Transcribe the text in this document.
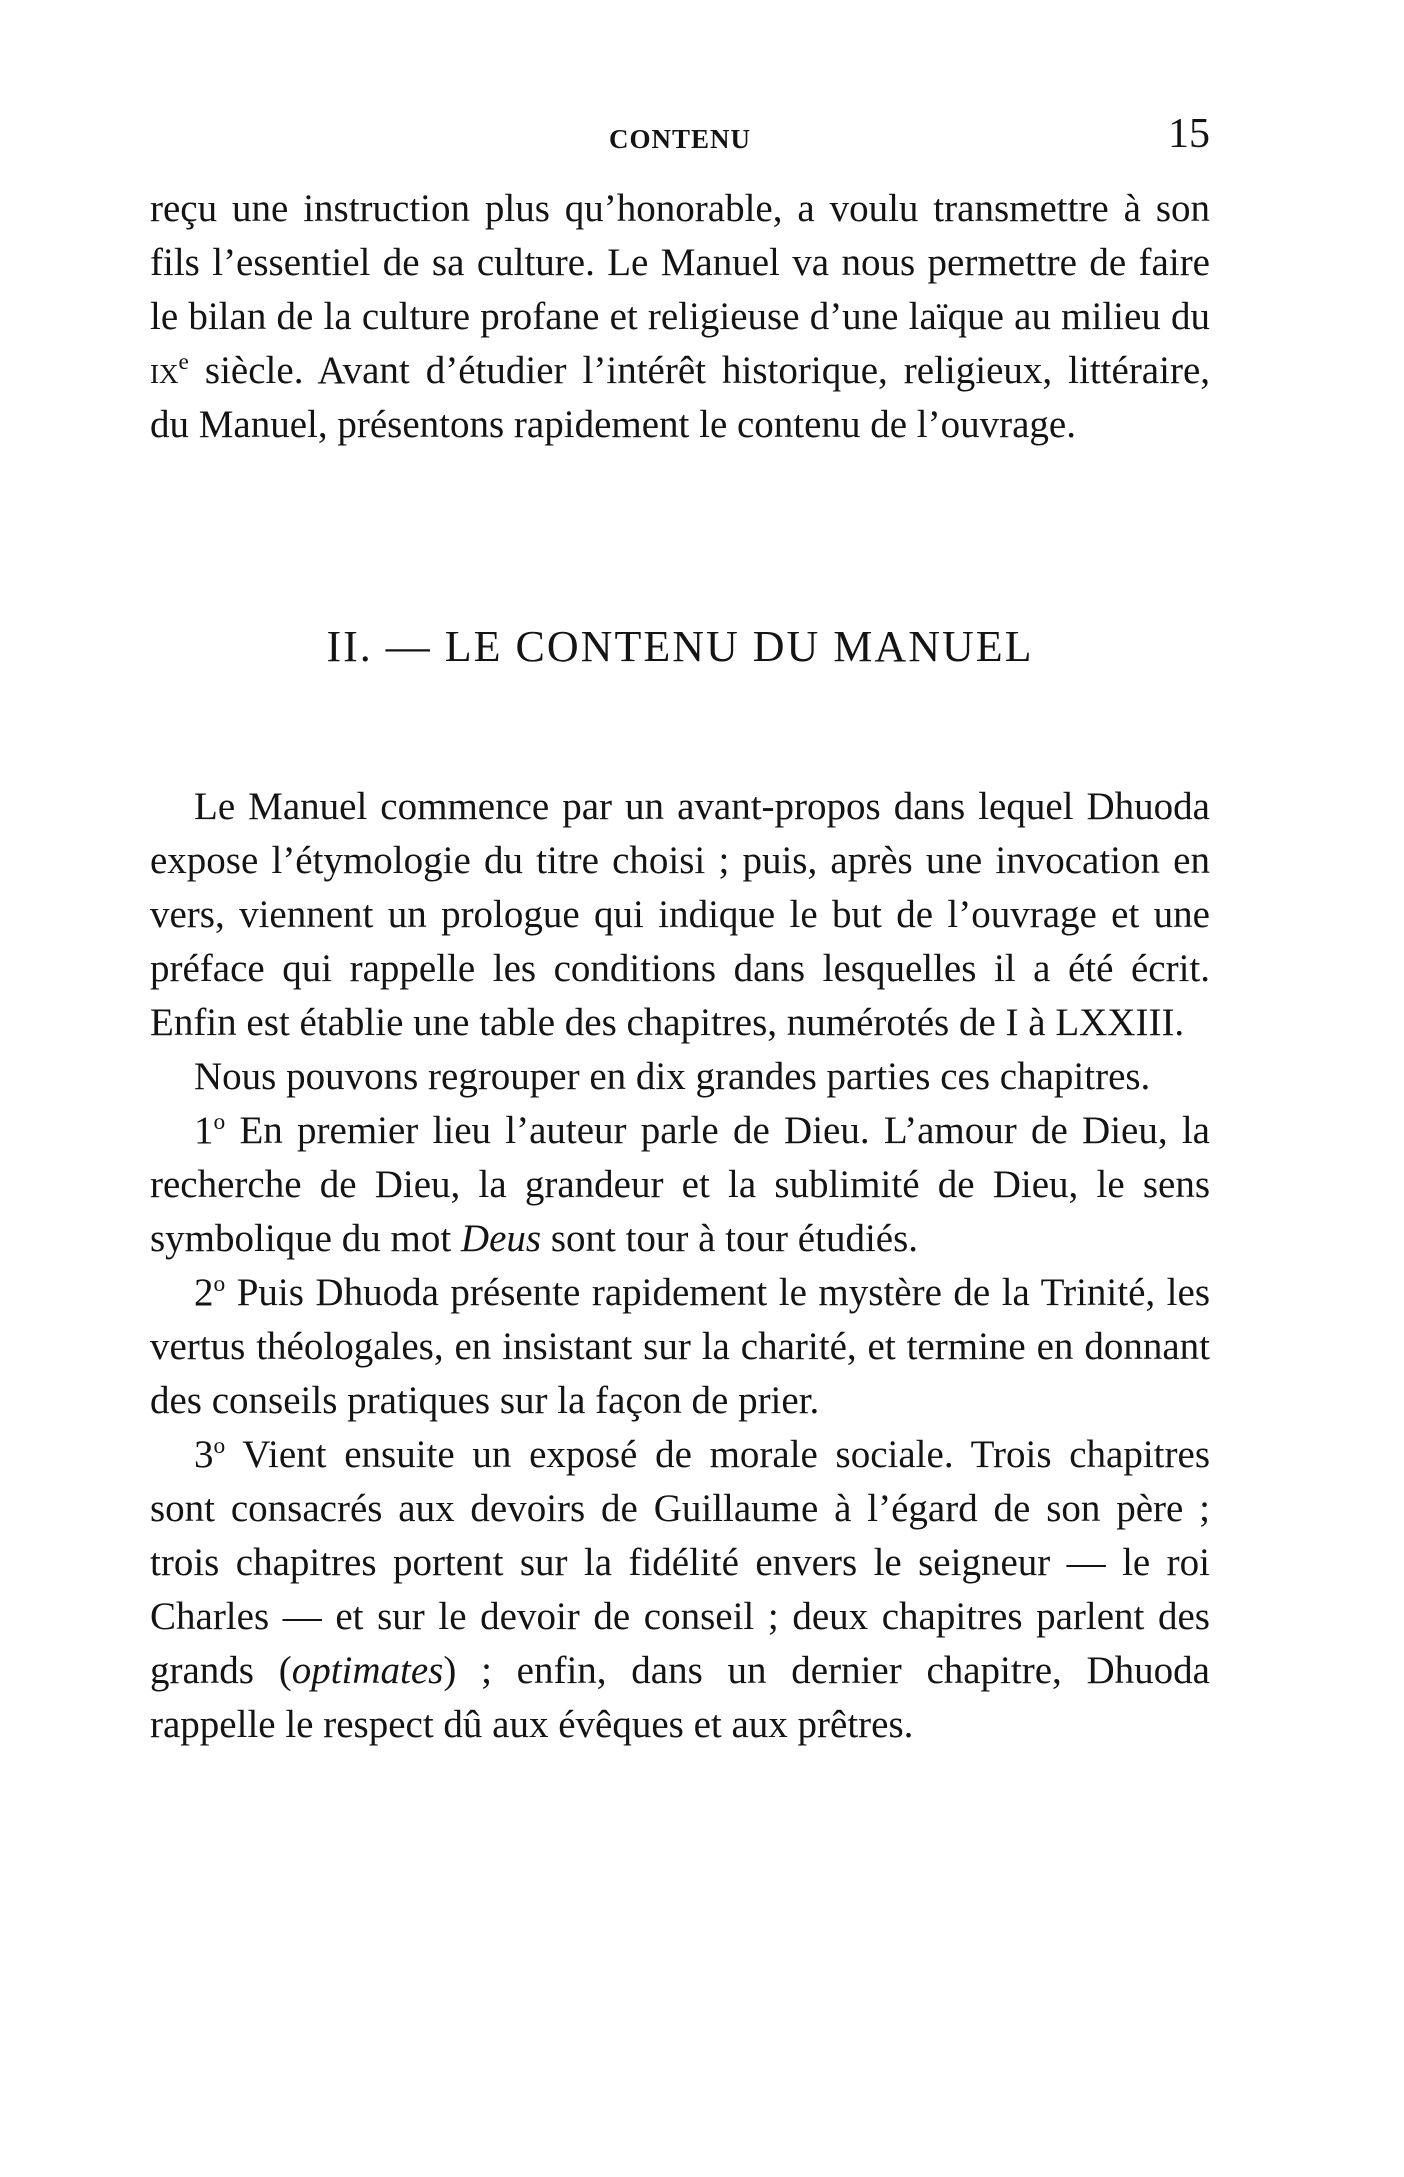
CONTENU	15

reçu une instruction plus qu’honorable, a voulu transmettre à son fils l’essentiel de sa culture. Le Manuel va nous permettre de faire le bilan de la culture profane et religieuse d’une laïque au milieu du $ix^e$ siècle. Avant d’étudier l’intérêt historique, religieux, littéraire, du Manuel, présentons rapidement le contenu de l’ouvrage.

II. — LE CONTENU DU MANUEL

Le Manuel commence par un avant-propos dans lequel Dhuoda expose l’étymologie du titre choisi ; puis, après une invocation en vers, viennent un prologue qui indique le but de l’ouvrage et une préface qui rappelle les conditions dans lesquelles il a été écrit. Enfin est établie une table des chapitres, numérotés de I à LXXIII.

Nous pouvons regrouper en dix grandes parties ces chapitres.

1$^o$ En premier lieu l’auteur parle de Dieu. L’amour de Dieu, la recherche de Dieu, la grandeur et la sublimité de Dieu, le sens symbolique du mot Deus sont tour à tour étudiés.

2$^o$ Puis Dhuoda présente rapidement le mystère de la Trinité, les vertus théologales, en insistant sur la charité, et termine en donnant des conseils pratiques sur la façon de prier.

3$^o$ Vient ensuite un exposé de morale sociale. Trois chapitres sont consacrés aux devoirs de Guillaume à l’égard de son père ; trois chapitres portent sur la fidélité envers le seigneur — le roi Charles — et sur le devoir de conseil ; deux chapitres parlent des grands (optimates) ; enfin, dans un dernier chapitre, Dhuoda rappelle le respect dû aux évêques et aux prêtres.
